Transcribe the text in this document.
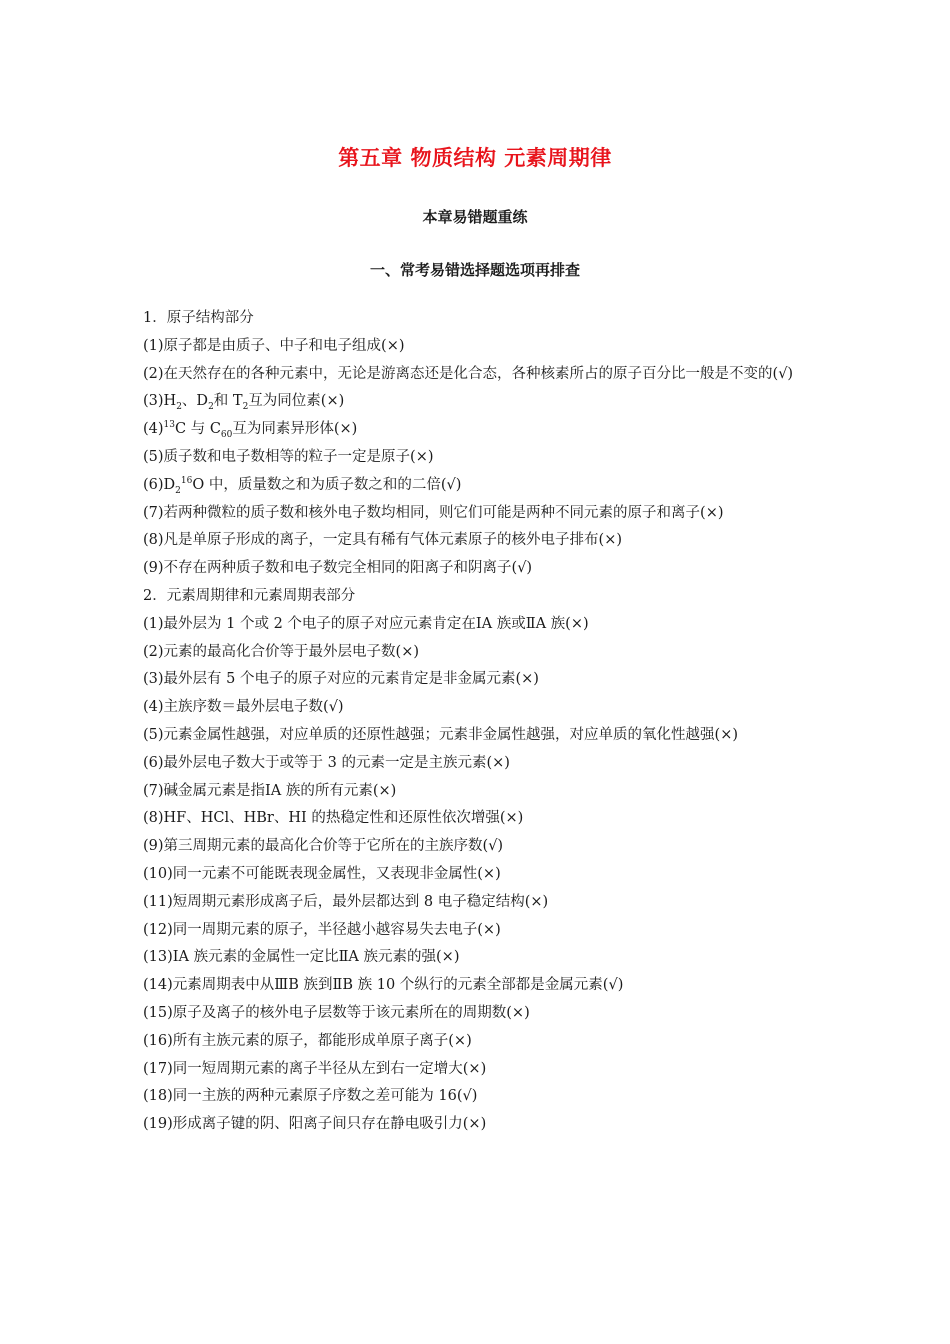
第五章 物质结构 元素周期律
本章易错题重练
一、常考易错选择题选项再排查
1．原子结构部分
(1)原子都是由质子、中子和电子组成(×)
(2)在天然存在的各种元素中，无论是游离态还是化合态，各种核素所占的原子百分比一般是不变的(√)
$(3)H_2$、$D_2$和 $T_2$互为同位素(×)
$(4)^{13}C$ 与 $C_{60}$互为同素异形体(×)
(5)质子数和电子数相等的粒子一定是原子(×)
$(6)D_2^{16}O$ 中，质量数之和为质子数之和的二倍(√)
(7)若两种微粒的质子数和核外电子数均相同，则它们可能是两种不同元素的原子和离子(×)
(8)凡是单原子形成的离子，一定具有稀有气体元素原子的核外电子排布(×)
(9)不存在两种质子数和电子数完全相同的阳离子和阴离子(√)
2．元素周期律和元素周期表部分
(1)最外层为 1 个或 2 个电子的原子对应元素肯定在ⅠA 族或ⅡA 族(×)
(2)元素的最高化合价等于最外层电子数(×)
(3)最外层有 5 个电子的原子对应的元素肯定是非金属元素(×)
(4)主族序数＝最外层电子数(√)
(5)元素金属性越强，对应单质的还原性越强；元素非金属性越强，对应单质的氧化性越强(×)
(6)最外层电子数大于或等于 3 的元素一定是主族元素(×)
(7)碱金属元素是指ⅠA 族的所有元素(×)
(8)HF、HCl、HBr、HI 的热稳定性和还原性依次增强(×)
(9)第三周期元素的最高化合价等于它所在的主族序数(√)
(10)同一元素不可能既表现金属性，又表现非金属性(×)
(11)短周期元素形成离子后，最外层都达到 8 电子稳定结构(×)
(12)同一周期元素的原子，半径越小越容易失去电子(×)
(13)ⅠA 族元素的金属性一定比ⅡA 族元素的强(×)
(14)元素周期表中从ⅢB 族到ⅡB 族 10 个纵行的元素全部都是金属元素(√)
(15)原子及离子的核外电子层数等于该元素所在的周期数(×)
(16)所有主族元素的原子，都能形成单原子离子(×)
(17)同一短周期元素的离子半径从左到右一定增大(×)
(18)同一主族的两种元素原子序数之差可能为 16(√)
(19)形成离子键的阴、阳离子间只存在静电吸引力(×)
